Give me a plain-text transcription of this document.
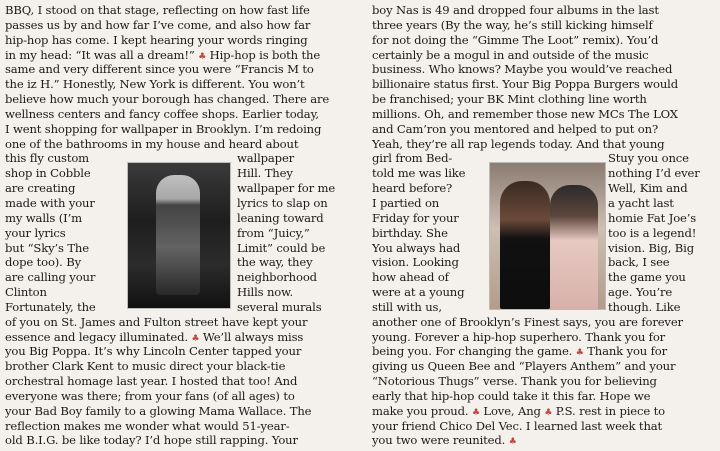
BBQ, I stood on that stage, reflecting on how fast life
passes us by and how far I’ve come, and also how far
hip-hop has come. I kept hearing your words ringing
in my head: “It was all a dream!” ♣ Hip-hop is both the
same and very different since you were “Francis M to
the iz H.” Honestly, New York is different. You won’t
believe how much your borough has changed. There are
wellness centers and fancy coffee shops. Earlier today,
I went shopping for wallpaper in Brooklyn. I’m redoing
one of the bathrooms in my house and heard about
this fly custom	wallpaper
shop in Cobble	Hill. They
are creating	wallpaper for me
made with your	lyrics to slap on
my walls (I’m	leaning toward
your lyrics	from “Juicy,”
but “Sky’s The	Limit” could be
dope too). By	the way, they
are calling your	neighborhood
Clinton	Hills now.
Fortunately, the	several murals
of you on St. James and Fulton street have kept your
essence and legacy illuminated. ♣ We’ll always miss
you Big Poppa. It’s why Lincoln Center tapped your
brother Clark Kent to music direct your black-tie
orchestral homage last year. I hosted that too! And
everyone was there; from your fans (of all ages) to
your Bad Boy family to a glowing Mama Wallace. The
reflection makes me wonder what would 51-year-
old B.I.G. be like today? I’d hope still rapping. Your
boy Nas is 49 and dropped four albums in the last
three years (By the way, he’s still kicking himself
for not doing the “Gimme The Loot” remix). You’d
certainly be a mogul in and outside of the music
business. Who knows? Maybe you would’ve reached
billionaire status first. Your Big Poppa Burgers would
be franchised; your BK Mint clothing line worth
millions. Oh, and remember those new MCs The LOX
and Cam’ron you mentored and helped to put on?
Yeah, they’re all rap legends today. And that young
girl from Bed-	Stuy you once
told me was like	nothing I’d ever
heard before?	Well, Kim and
I partied on	a yacht last
Friday for your	homie Fat Joe’s
birthday. She	too is a legend!
You always had	vision. Big, Big
vision. Looking	back, I see
how ahead of	the game you
were at a young	age. You’re
still with us,	though. Like
another one of Brooklyn’s Finest says, you are forever
young. Forever a hip-hop superhero. Thank you for
being you. For changing the game. ♣ Thank you for
giving us Queen Bee and “Players Anthem” and your
“Notorious Thugs” verse. Thank you for believing
early that hip-hop could take it this far. Hope we
make you proud. ♣ Love, Ang ♣ P.S. rest in piece to
your friend Chico Del Vec. I learned last week that
you two were reunited. ♣
